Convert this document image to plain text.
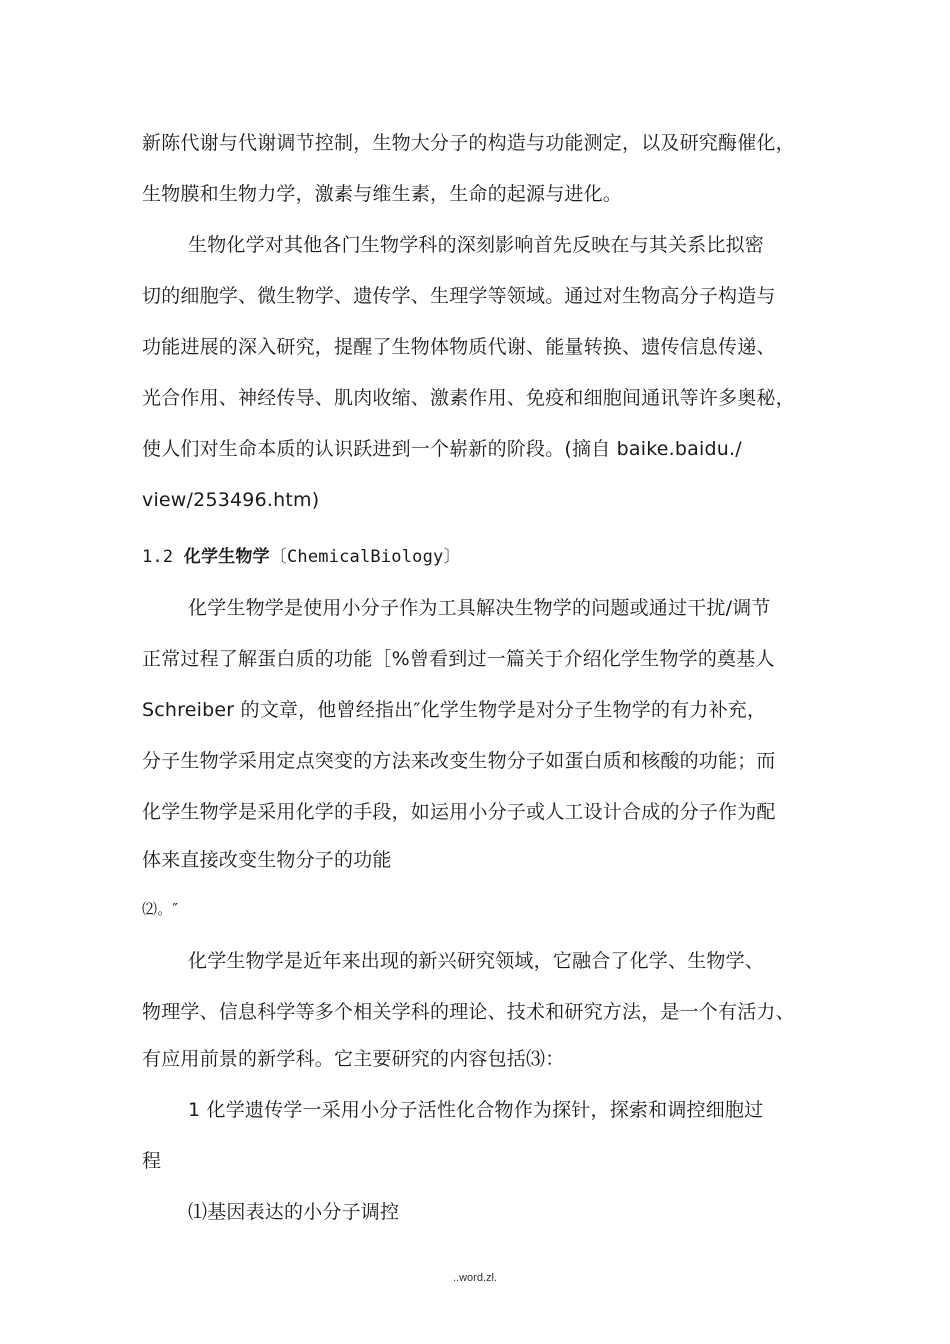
新陈代谢与代谢调节控制，生物大分子的构造与功能测定，以及研究酶催化，
生物膜和生物力学，激素与维生素，生命的起源与进化。
生物化学对其他各门生物学科的深刻影响首先反映在与其关系比拟密
切的细胞学、微生物学、遗传学、生理学等领域。通过对生物高分子构造与
功能进展的深入研究，提醒了生物体物质代谢、能量转换、遗传信息传递、
光合作用、神经传导、肌肉收缩、激素作用、免疫和细胞间通讯等许多奥秘，
使人们对生命本质的认识跃进到一个崭新的阶段。(摘自 baike.baidu./
view/253496.htm)
1.2 化学生物学〔ChemicalBiology〕
化学生物学是使用小分子作为工具解决生物学的问题或通过干扰/调节
正常过程了解蛋白质的功能［%曾看到过一篇关于介绍化学生物学的奠基人
Schreiber 的文章，他曾经指出″化学生物学是对分子生物学的有力补充，
分子生物学采用定点突变的方法来改变生物分子如蛋白质和核酸的功能；而
化学生物学是采用化学的手段，如运用小分子或人工设计合成的分子作为配
体来直接改变生物分子的功能
⑵。″
化学生物学是近年来出现的新兴研究领域，它融合了化学、生物学、
物理学、信息科学等多个相关学科的理论、技术和研究方法，是一个有活力、
有应用前景的新学科。它主要研究的内容包括⑶：
1 化学遗传学一采用小分子活性化合物作为探针，探索和调控细胞过
程
⑴基因表达的小分子调控
..word.zl.
